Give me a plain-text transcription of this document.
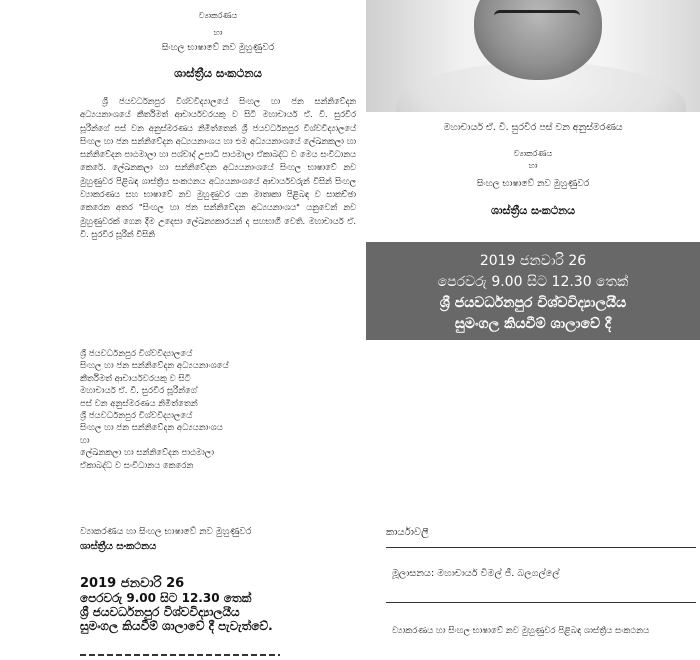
ව්‍යාකරණය
හා
සිංහල භාෂාවේ නව මුහුණුවර
ශාස්ත්‍රීය සංකථනය
ශ්‍රී ජයවර්ධනපුර විශ්වවිද්‍යාලයේ සිංහල හා ජන සන්නිවේදන අධ්‍යයනාංශයේ කීර්තිමත් ආචාර්යවරයකු ව සිටි මහාචාර්ය ඒ. වී. සුරවීර සූරීන්ගේ පස් වන අනුස්මරණය නිමිත්තෙන් ශ්‍රී ජයවර්ධනපුර විශ්වවිද්‍යාලයේ සිංහල හා ජන සන්නිවේදන අධ්‍යයනාංශය හා එම අධ්‍යයනාංශයේ ලේඛනකලා හා සන්නිවේදන පාඨමාලා හා පශ්චාද් උපාධි පාඨමාලා ඒකාබද්ධ ව මෙය සංවිධානය කෙරේ. ලේඛනකලා හා සන්නිවේදන අධ්‍යයනාංශයේ සිංහල භාෂාවේ නව මුහුණුවර පිළිබඳ ශාස්ත්‍රීය සංකථනය අධ්‍යයනාංශයේ ආචාර්යවරුන් විසින් සිංහල ව්‍යාකරණය සහ භාෂාවේ නව මුහුණුවර යන මාතෘකා පිළිබඳ ව සාකච්ඡා කෙරෙන අතර "සිංහල හා ජන සන්නිවේදන අධ්‍යයනාංශය" යනුවෙන් නව මුහුණුවරක් ගෙන දීම උදෙසා ලේඛන්‍යකාරයන් ද සහභාගී වෙති. මහාචාර්ය ඒ. වී. සුරවීර සූරීන් විසිනි
ශ්‍රී ජයවර්ධනපුර විශ්වවිද්‍යාලයේ
සිංහල හා ජන සන්නිවේදන අධ්‍යයනාංශයේ
කීර්තිමත් ආචාර්යවරයකු ව සිටි
මහාචාර්ය ඒ. වී. සුරවීර සූරීන්ගේ
පස් වන අනුස්මරණය නිමිත්තෙන්
ශ්‍රී ජයවර්ධනපුර විශ්වවිද්‍යාලයේ
සිංහල හා ජන සන්නිවේදන අධ්‍යයනාංශය
හා
ලේඛනකලා හා සන්නිවේදන පාඨමාලා
ඒකාබද්ධ ව සංවිධානය කෙරෙන
ව්‍යාකරණය හා සිංහල භාෂාවේ නව මුහුණුවර
ශාස්ත්‍රීය සංකථනය
2019 ජනවාරි 26
පෙරවරු 9.00 සිට 12.30 තෙක්
ශ්‍රී ජයවර්ධනපුර විශ්වවිද්‍යාලයීය
සුමංගල කියවීම් ශාලාවේ දී පැවැත්වේ.
මහාචාර්ය ඒ. වී. සුරවීර පස් වන අනුස්මරණය
ව්‍යාකරණය
හා
සිංහල භාෂාවේ නව මුහුණුවර
ශාස්ත්‍රීය සංකථනය
2019 ජනවාරි 26
පෙරවරු 9.00 සිට 12.30 තෙක්
ශ්‍රී ජයවර්ධනපුර විශ්වවිද්‍යාලයීය
සුමංගල කියවීම් ශාලාවේ දී
කාර්යාවලී
මූලාසනය: මහාචාර්ය විමල් ජී. බලගල්ලේ
ව්‍යාකරණය හා සිංහල භාෂාවේ නව මුහුණුවර පිළිබඳ ශාස්ත්‍රීය සංකථනය
